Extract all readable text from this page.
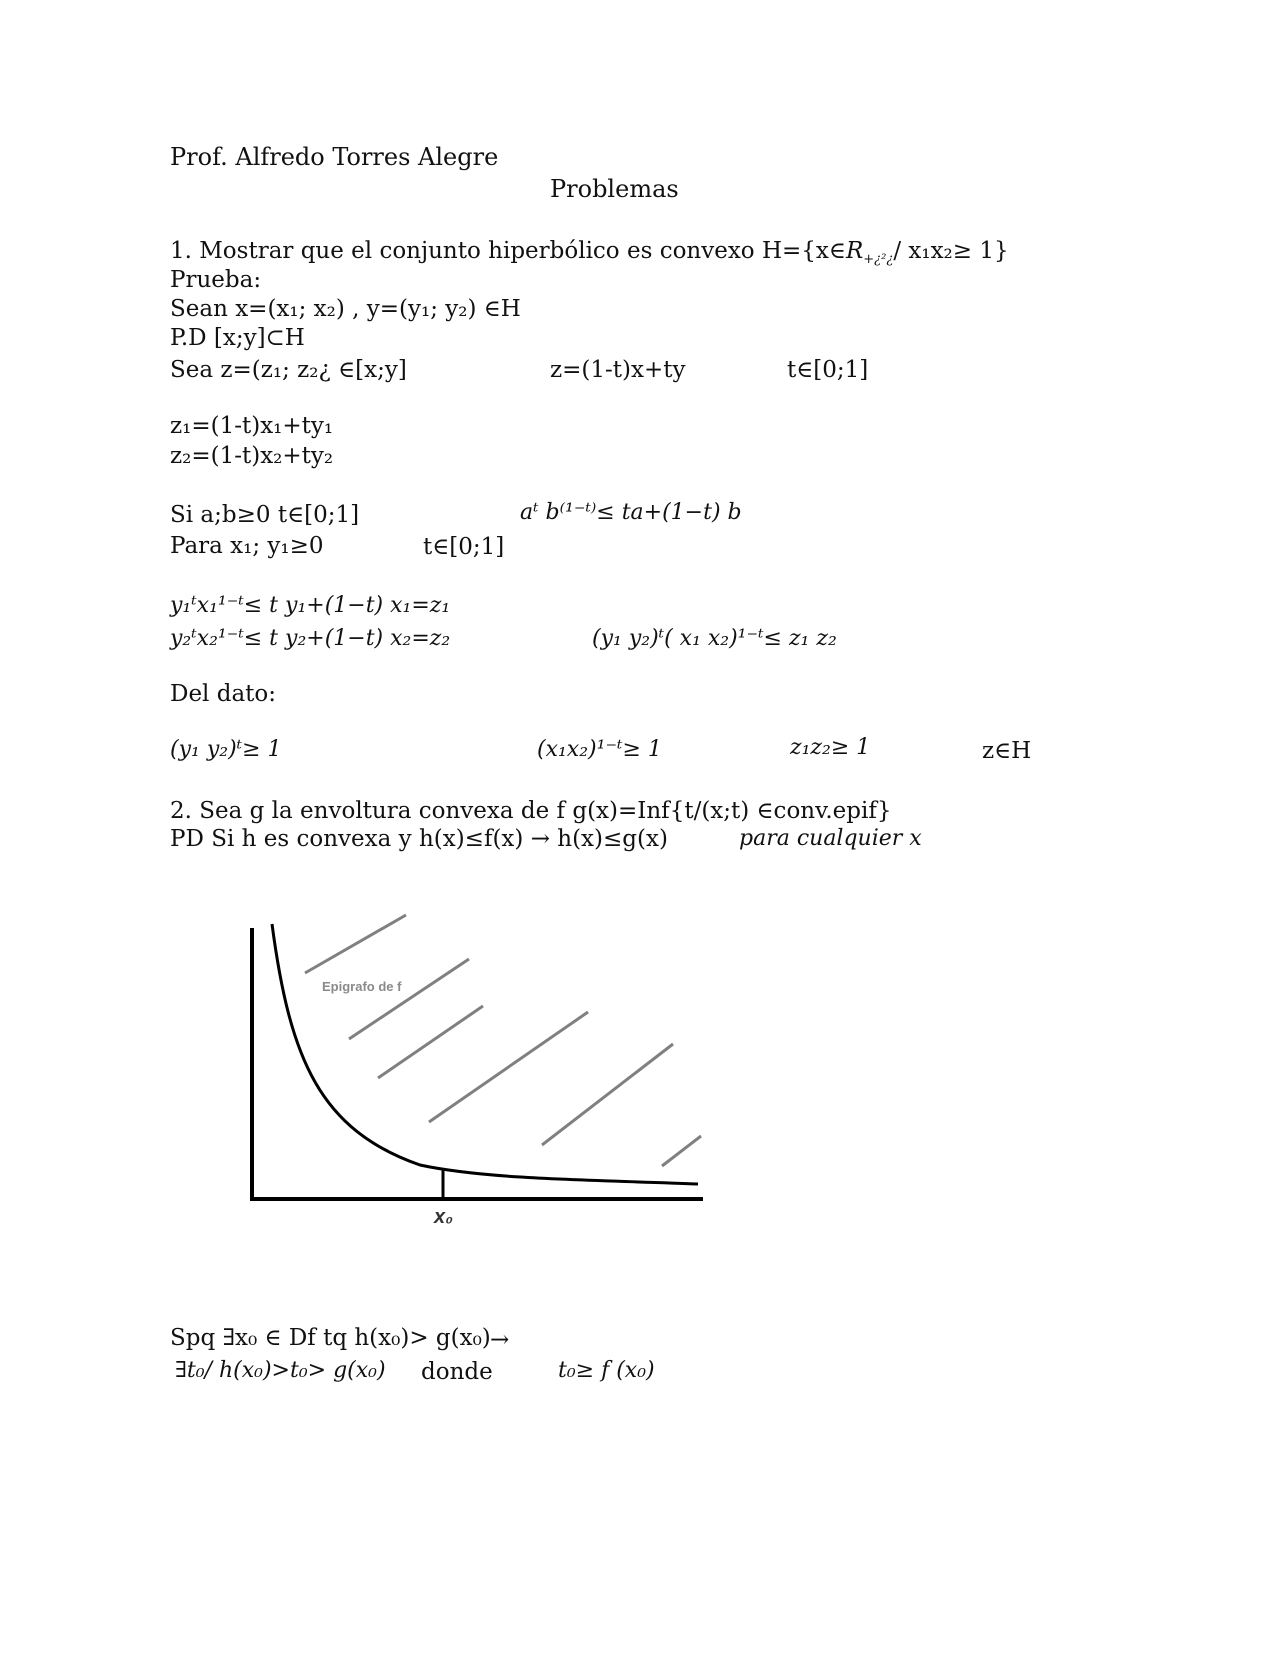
Prof. Alfredo Torres Alegre
Problemas
1. Mostrar que el conjunto hiperbólico es convexo $H=\{x\in R_{+¿^2¿}/$ x₁x₂≥ 1}
Prueba:
Sean x=(x₁; x₂) , y=(y₁; y₂) ∈H
P.D [x;y]⊂H
Sea z=(z₁; z₂¿ ∈[x;y]	z=(1-t)x+ty	t∈[0;1]
z₁=(1-t)x₁+ty₁
z₂=(1-t)x₂+ty₂
Si a;b≥0 t∈[0;1]	aᵗ b⁽¹⁻ᵗ⁾≤ ta+(1−t) b
Para x₁; y₁≥0	t∈[0;1]
y₁ᵗx₁¹⁻ᵗ≤ t y₁+(1−t) x₁=z₁
y₂ᵗx₂¹⁻ᵗ≤ t y₂+(1−t) x₂=z₂	(y₁ y₂)ᵗ( x₁ x₂)¹⁻ᵗ≤ z₁ z₂
Del dato:
(y₁ y₂)ᵗ≥ 1	(x₁x₂)¹⁻ᵗ≥ 1	z₁z₂≥ 1	z∈H
2. Sea g la envoltura convexa de f g(x)=Inf{t/(x;t) ∈conv.epif}
PD Si h es convexa y h(x)≤f(x) → h(x)≤g(x)	para cualquier x
Epigrafo de f
x₀
Spq ∃x₀ ∈ Df tq h(x₀)> g(x₀) →
∃t₀/ h(x₀)>t₀> g(x₀) donde	t₀≥ f (x₀)
